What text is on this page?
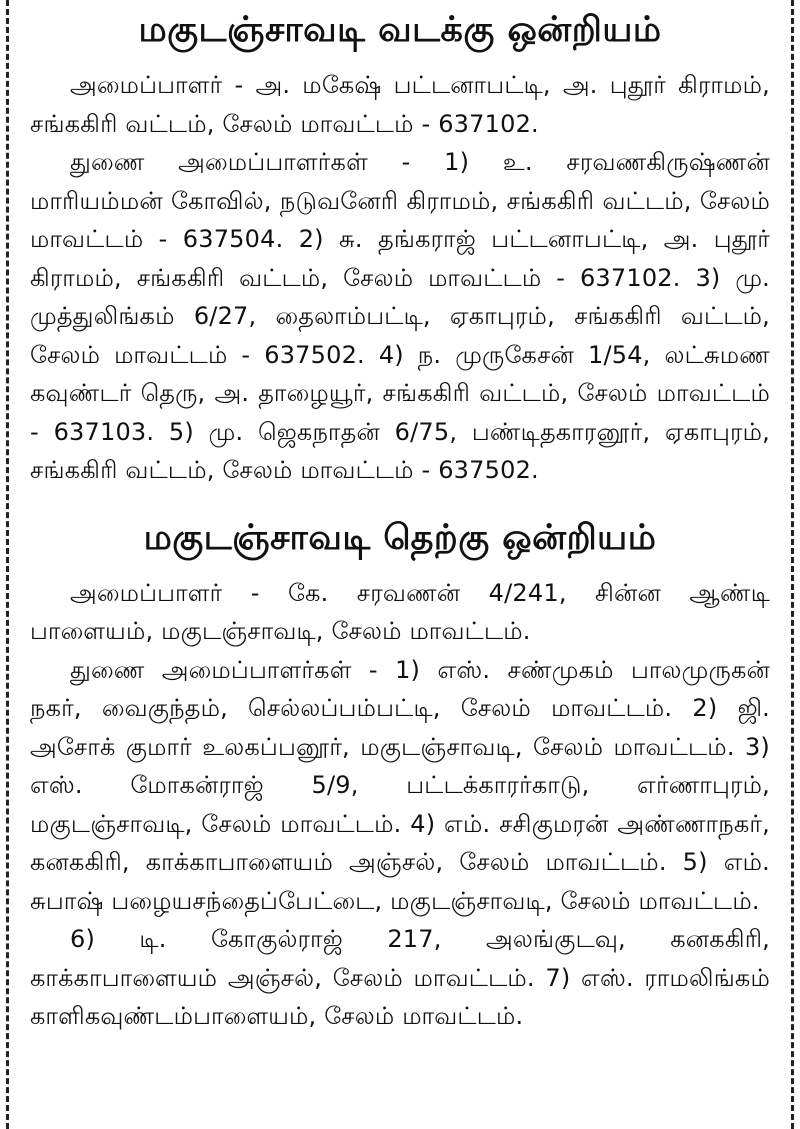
மகுடஞ்சாவடி வடக்கு ஒன்றியம்

அமைப்பாளர் - அ. மகேஷ் பட்டனாபட்டி, அ. புதூர் கிராமம், சங்ககிரி வட்டம், சேலம் மாவட்டம் - 637102.

துணை அமைப்பாளர்கள் - 1) உ. சரவணகிருஷ்ணன் மாரியம்மன் கோவில், நடுவனேரி கிராமம், சங்ககிரி வட்டம், சேலம் மாவட்டம் - 637504. 2) சு. தங்கராஜ் பட்டனாபட்டி, அ. புதூர் கிராமம், சங்ககிரி வட்டம், சேலம் மாவட்டம் - 637102. 3) மு. முத்துலிங்கம் 6/27, தைலாம்பட்டி, ஏகாபுரம், சங்ககிரி வட்டம், சேலம் மாவட்டம் - 637502. 4) ந. முருகேசன் 1/54, லட்சுமண கவுண்டர் தெரு, அ. தாழையூர், சங்ககிரி வட்டம், சேலம் மாவட்டம் - 637103. 5) மு. ஜெகநாதன் 6/75, பண்டிதகாரனூர், ஏகாபுரம், சங்ககிரி வட்டம், சேலம் மாவட்டம் - 637502.

மகுடஞ்சாவடி தெற்கு ஒன்றியம்

அமைப்பாளர் - கே. சரவணன் 4/241, சின்ன ஆண்டி பாளையம், மகுடஞ்சாவடி, சேலம் மாவட்டம்.

துணை அமைப்பாளர்கள் - 1) எஸ். சண்முகம் பாலமுருகன் நகர், வைகுந்தம், செல்லப்பம்பட்டி, சேலம் மாவட்டம். 2) ஜி. அசோக் குமார் உலகப்பனூர், மகுடஞ்சாவடி, சேலம் மாவட்டம். 3) எஸ். மோகன்ராஜ் 5/9, பட்டக்காரர்காடு, எர்ணாபுரம், மகுடஞ்சாவடி, சேலம் மாவட்டம். 4) எம். சசிகுமரன் அண்ணாநகர், கனககிரி, காக்காபாளையம் அஞ்சல், சேலம் மாவட்டம். 5) எம். சுபாஷ் பழையசந்தைப்பேட்டை, மகுடஞ்சாவடி, சேலம் மாவட்டம்.

6) டி. கோகுல்ராஜ் 217, அலங்குடவு, கனககிரி, காக்காபாளையம் அஞ்சல், சேலம் மாவட்டம். 7) எஸ். ராமலிங்கம் காளிகவுண்டம்பாளையம், சேலம் மாவட்டம்.
